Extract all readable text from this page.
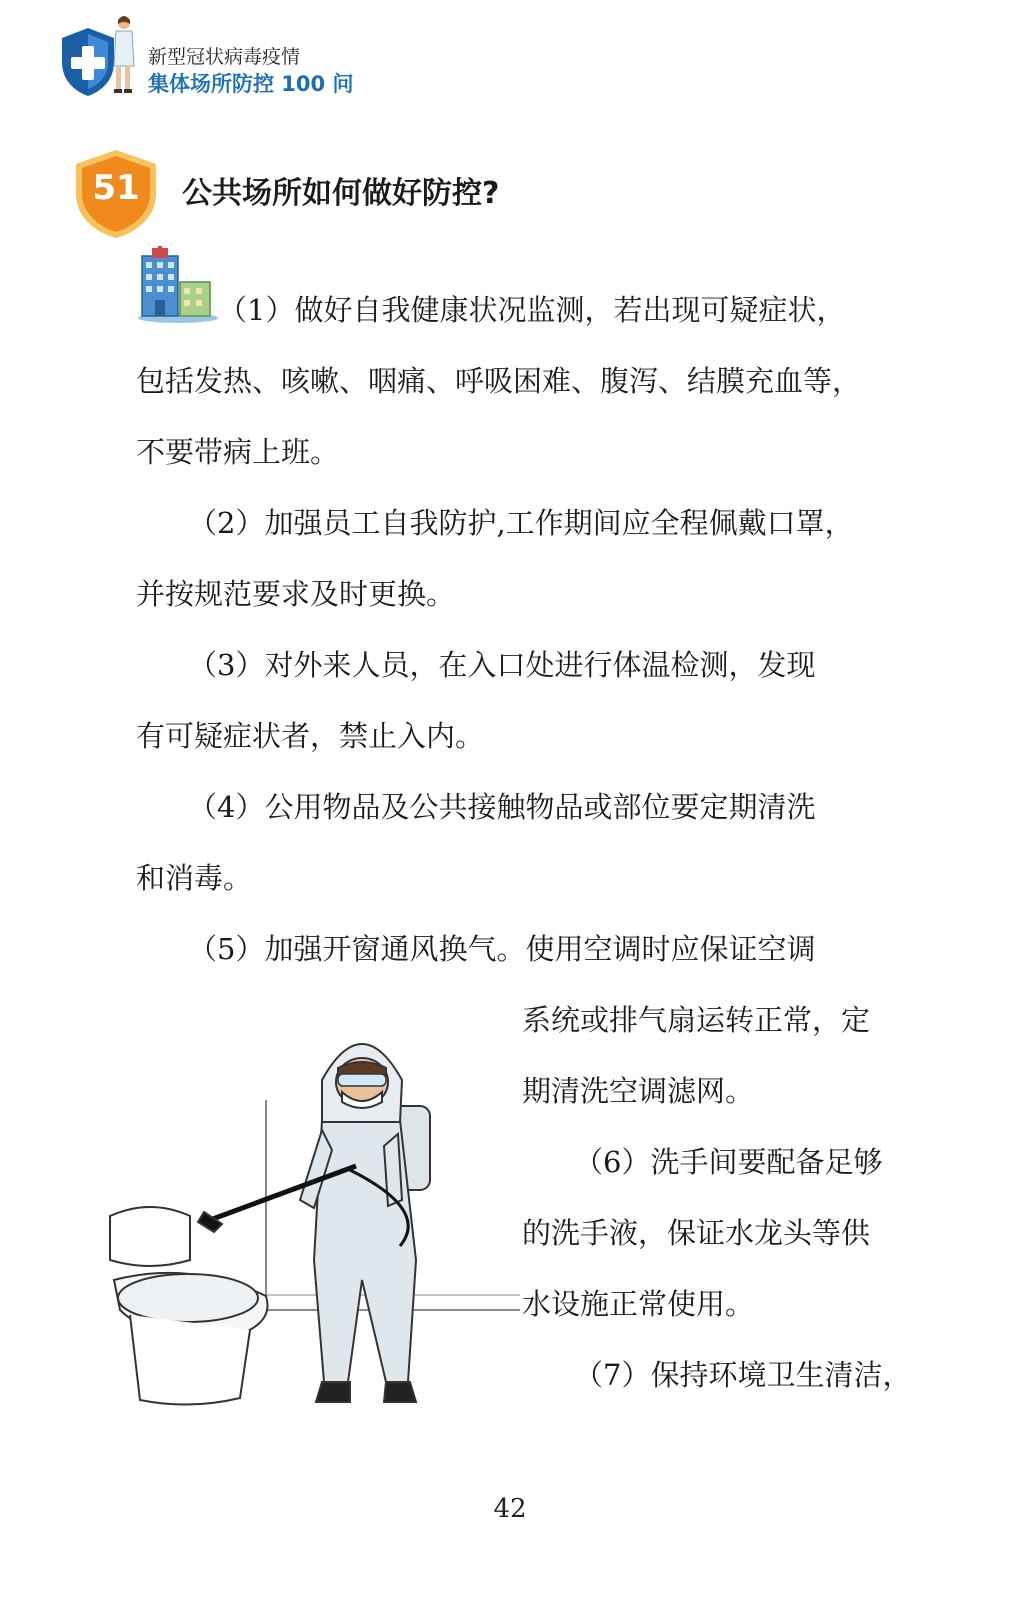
新型冠状病毒疫情
集体场所防控 100 问
51	公共场所如何做好防控?
（1）做好自我健康状况监测，若出现可疑症状，
包括发热、咳嗽、咽痛、呼吸困难、腹泻、结膜充血等，
不要带病上班。
（2）加强员工自我防护,工作期间应全程佩戴口罩，
并按规范要求及时更换。
（3）对外来人员，在入口处进行体温检测，发现
有可疑症状者，禁止入内。
（4）公用物品及公共接触物品或部位要定期清洗
和消毒。
（5）加强开窗通风换气。使用空调时应保证空调
系统或排气扇运转正常，定
期清洗空调滤网。
（6）洗手间要配备足够
的洗手液，保证水龙头等供
水设施正常使用。
（7）保持环境卫生清洁，
42
